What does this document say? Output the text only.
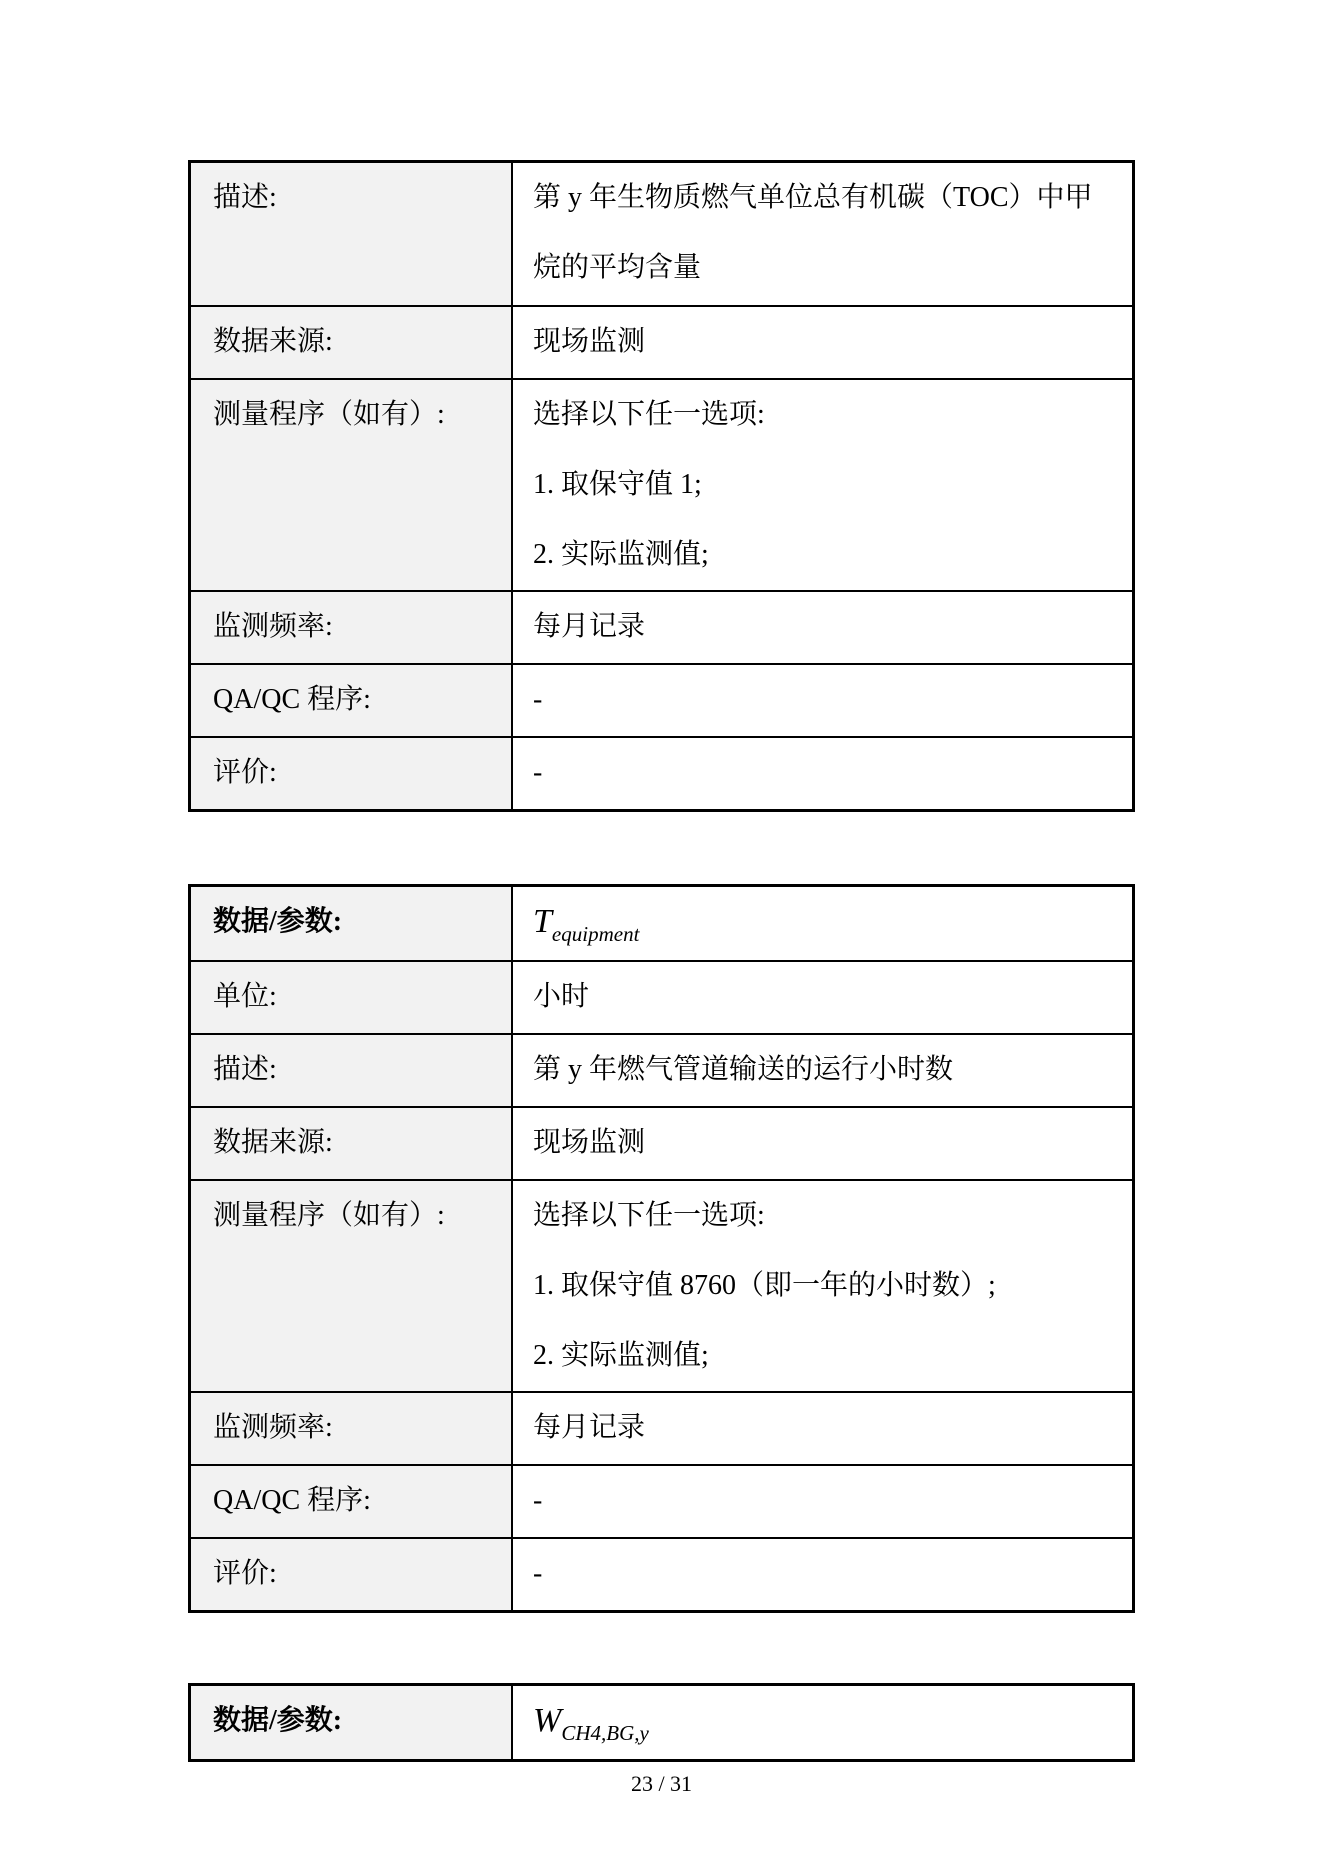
描述:	第 y 年生物质燃气单位总有机碳（TOC）中甲
烷的平均含量

数据来源:	现场监测
测量程序（如有）:	选择以下任一选项:
1. 取保守值 1;
2. 实际监测值;

监测频率:	每月记录
QA/QC 程序:	-
评价:	-
数据/参数:	$T_{equipment}$
单位:	小时
描述:	第 y 年燃气管道输送的运行小时数
数据来源:	现场监测
测量程序（如有）:	选择以下任一选项:
1. 取保守值 8760（即一年的小时数）;
2. 实际监测值;

监测频率:	每月记录
QA/QC 程序:	-
评价:	-
数据/参数:	$W_{CH4,BG,y}$
23 / 31
